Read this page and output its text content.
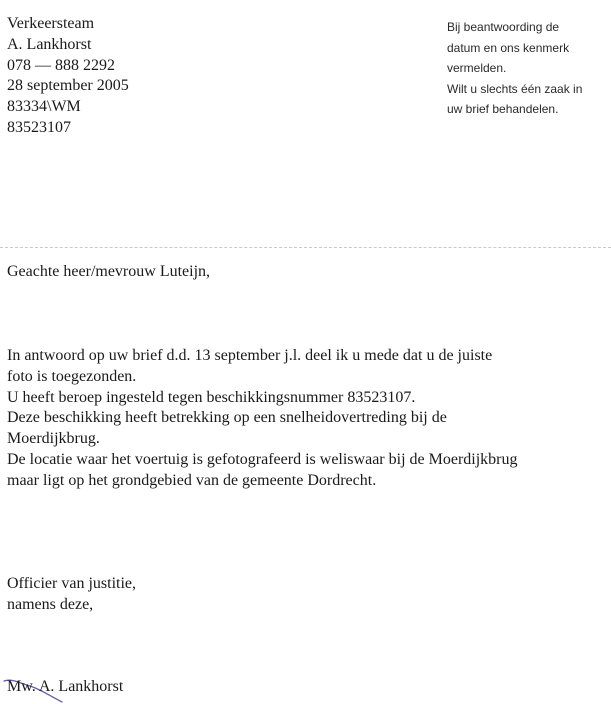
Verkeersteam
A. Lankhorst
078 — 888 2292
28 september 2005
83334\WM
83523107
Bij beantwoording de
datum en ons kenmerk
vermelden.
Wilt u slechts één zaak in
uw brief behandelen.
Geachte heer/mevrouw Luteijn,
In antwoord op uw brief d.d. 13 september j.l. deel ik u mede dat u de juiste
foto is toegezonden.
U heeft beroep ingesteld tegen beschikkingsnummer 83523107.
Deze beschikking heeft betrekking op een snelheidovertreding bij de
Moerdijkbrug.
De locatie waar het voertuig is gefotografeerd is weliswaar bij de Moerdijkbrug
maar ligt op het grondgebied van de gemeente Dordrecht.
Officier van justitie,
namens deze,
Mw. A. Lankhorst
